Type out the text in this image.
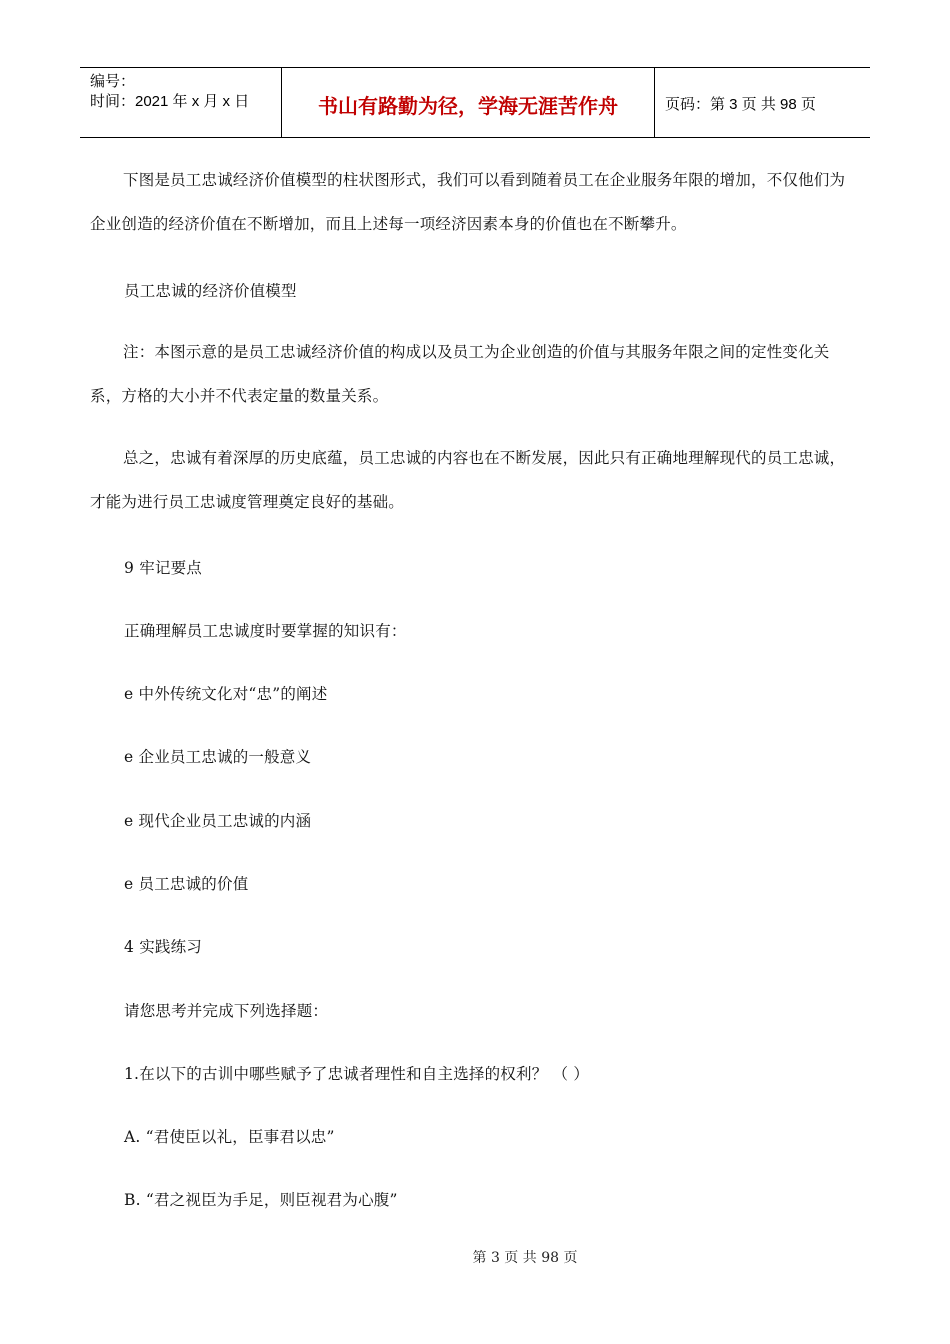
编号：
时间：2021 年 x 月 x 日	书山有路勤为径，学海无涯苦作舟	页码：第 3 页 共 98 页
下图是员工忠诚经济价值模型的柱状图形式，我们可以看到随着员工在企业服务年限的增加，不仅他们为企业创造的经济价值在不断增加，而且上述每一项经济因素本身的价值也在不断攀升。
员工忠诚的经济价值模型
注：本图示意的是员工忠诚经济价值的构成以及员工为企业创造的价值与其服务年限之间的定性变化关系，方格的大小并不代表定量的数量关系。
总之，忠诚有着深厚的历史底蕴，员工忠诚的内容也在不断发展，因此只有正确地理解现代的员工忠诚，才能为进行员工忠诚度管理奠定良好的基础。
9 牢记要点
正确理解员工忠诚度时要掌握的知识有：
e 中外传统文化对“忠”的阐述
e 企业员工忠诚的一般意义
e 现代企业员工忠诚的内涵
e 员工忠诚的价值
4 实践练习
请您思考并完成下列选择题：
1.在以下的古训中哪些赋予了忠诚者理性和自主选择的权利？ （ ）
A. “君使臣以礼，臣事君以忠”
B. “君之视臣为手足，则臣视君为心腹”
第 3 页 共 98 页
